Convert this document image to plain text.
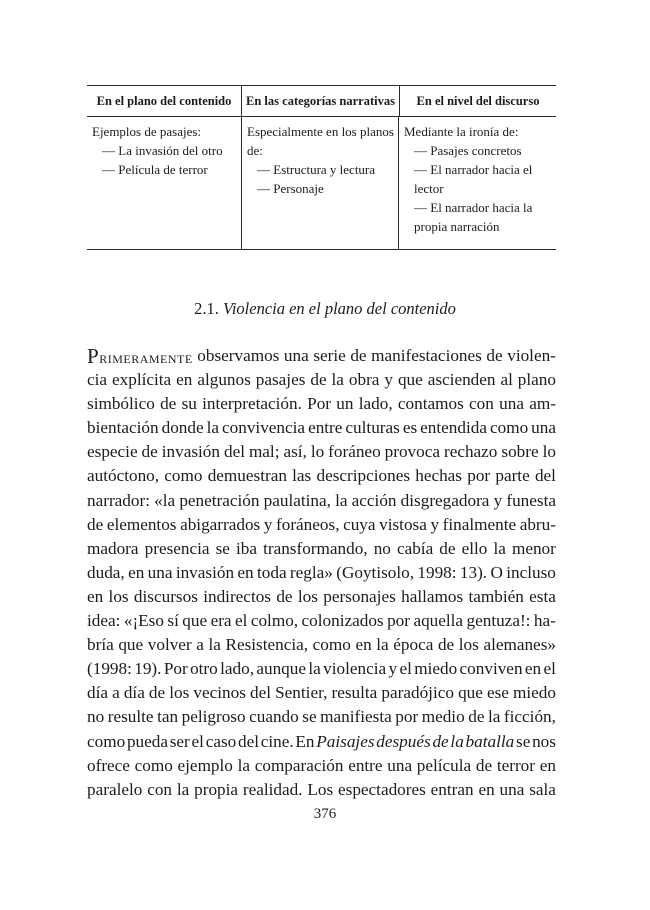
En el plano del contenido	En las categorías narrativas	En el nivel del discurso
Ejemplos de pasajes:
— La invasión del otro
— Película de terror
Especialmente en los planos
de:
— Estructura y lectura
— Personaje
Mediante la ironía de:
— Pasajes concretos
— El narrador hacia el
lector
— El narrador hacia la
propia narración
2.1. Violencia en el plano del contenido
Primeramente observamos una serie de manifestaciones de violen-
cia explícita en algunos pasajes de la obra y que ascienden al plano
simbólico de su interpretación. Por un lado, contamos con una am-
bientación donde la convivencia entre culturas es entendida como una
especie de invasión del mal; así, lo foráneo provoca rechazo sobre lo
autóctono, como demuestran las descripciones hechas por parte del
narrador: «la penetración paulatina, la acción disgregadora y funesta
de elementos abigarrados y foráneos, cuya vistosa y finalmente abru-
madora presencia se iba transformando, no cabía de ello la menor
duda, en una invasión en toda regla» (Goytisolo, 1998: 13). O incluso
en los discursos indirectos de los personajes hallamos también esta
idea: «¡Eso sí que era el colmo, colonizados por aquella gentuza!: ha-
bría que volver a la Resistencia, como en la época de los alemanes»
(1998: 19). Por otro lado, aunque la violencia y el miedo conviven en el
día a día de los vecinos del Sentier, resulta paradójico que ese miedo
no resulte tan peligroso cuando se manifiesta por medio de la ficción,
como pueda ser el caso del cine. En Paisajes después de la batalla se nos
ofrece como ejemplo la comparación entre una película de terror en
paralelo con la propia realidad. Los espectadores entran en una sala
376
